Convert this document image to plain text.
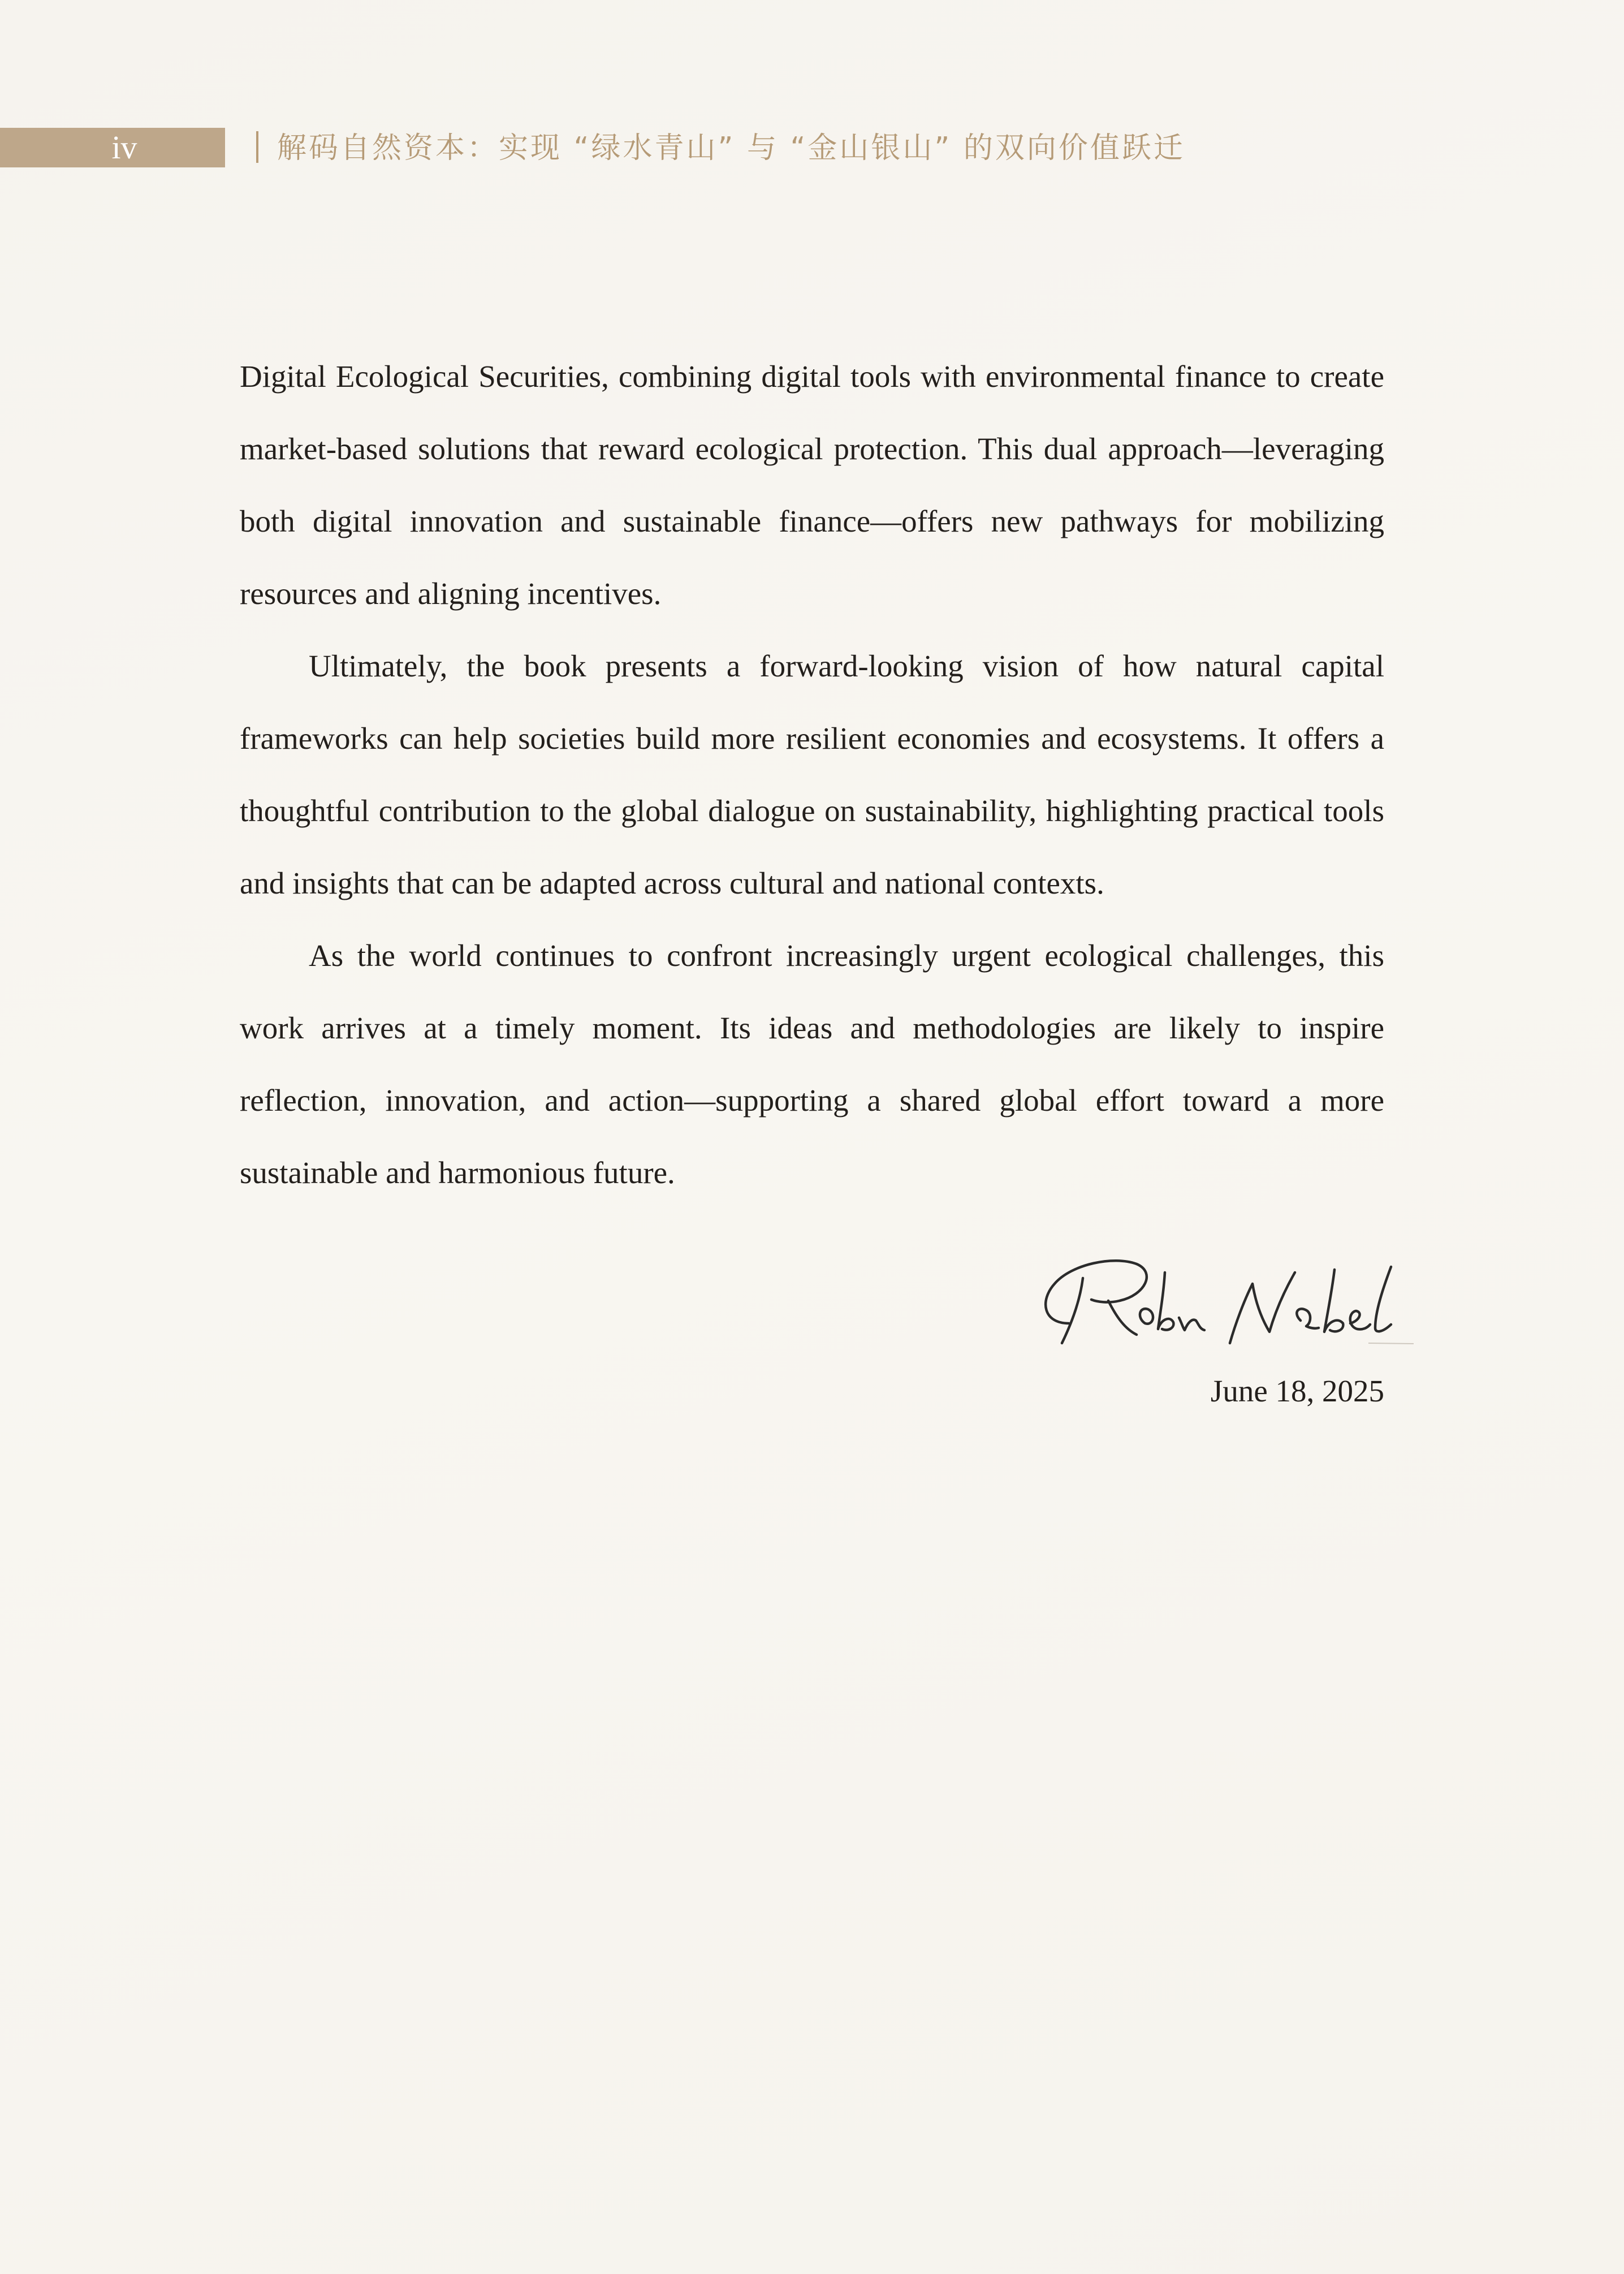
iv	解码自然资本：实现 “绿水青山” 与 “金山银山” 的双向价值跃迁

Digital Ecological Securities, combining digital tools with environmental finance to create market-based solutions that reward ecological protection. This dual approach—leveraging both digital innovation and sustainable finance—offers new pathways for mobilizing resources and aligning incentives.

Ultimately, the book presents a forward-looking vision of how natural capital frameworks can help societies build more resilient economies and ecosystems. It offers a thoughtful contribution to the global dialogue on sustainability, highlighting practical tools and insights that can be adapted across cultural and national contexts.

As the world continues to confront increasingly urgent ecological challenges, this work arrives at a timely moment. Its ideas and methodologies are likely to inspire reflection, innovation, and action—supporting a shared global effort toward a more sustainable and harmonious future.

June 18, 2025
